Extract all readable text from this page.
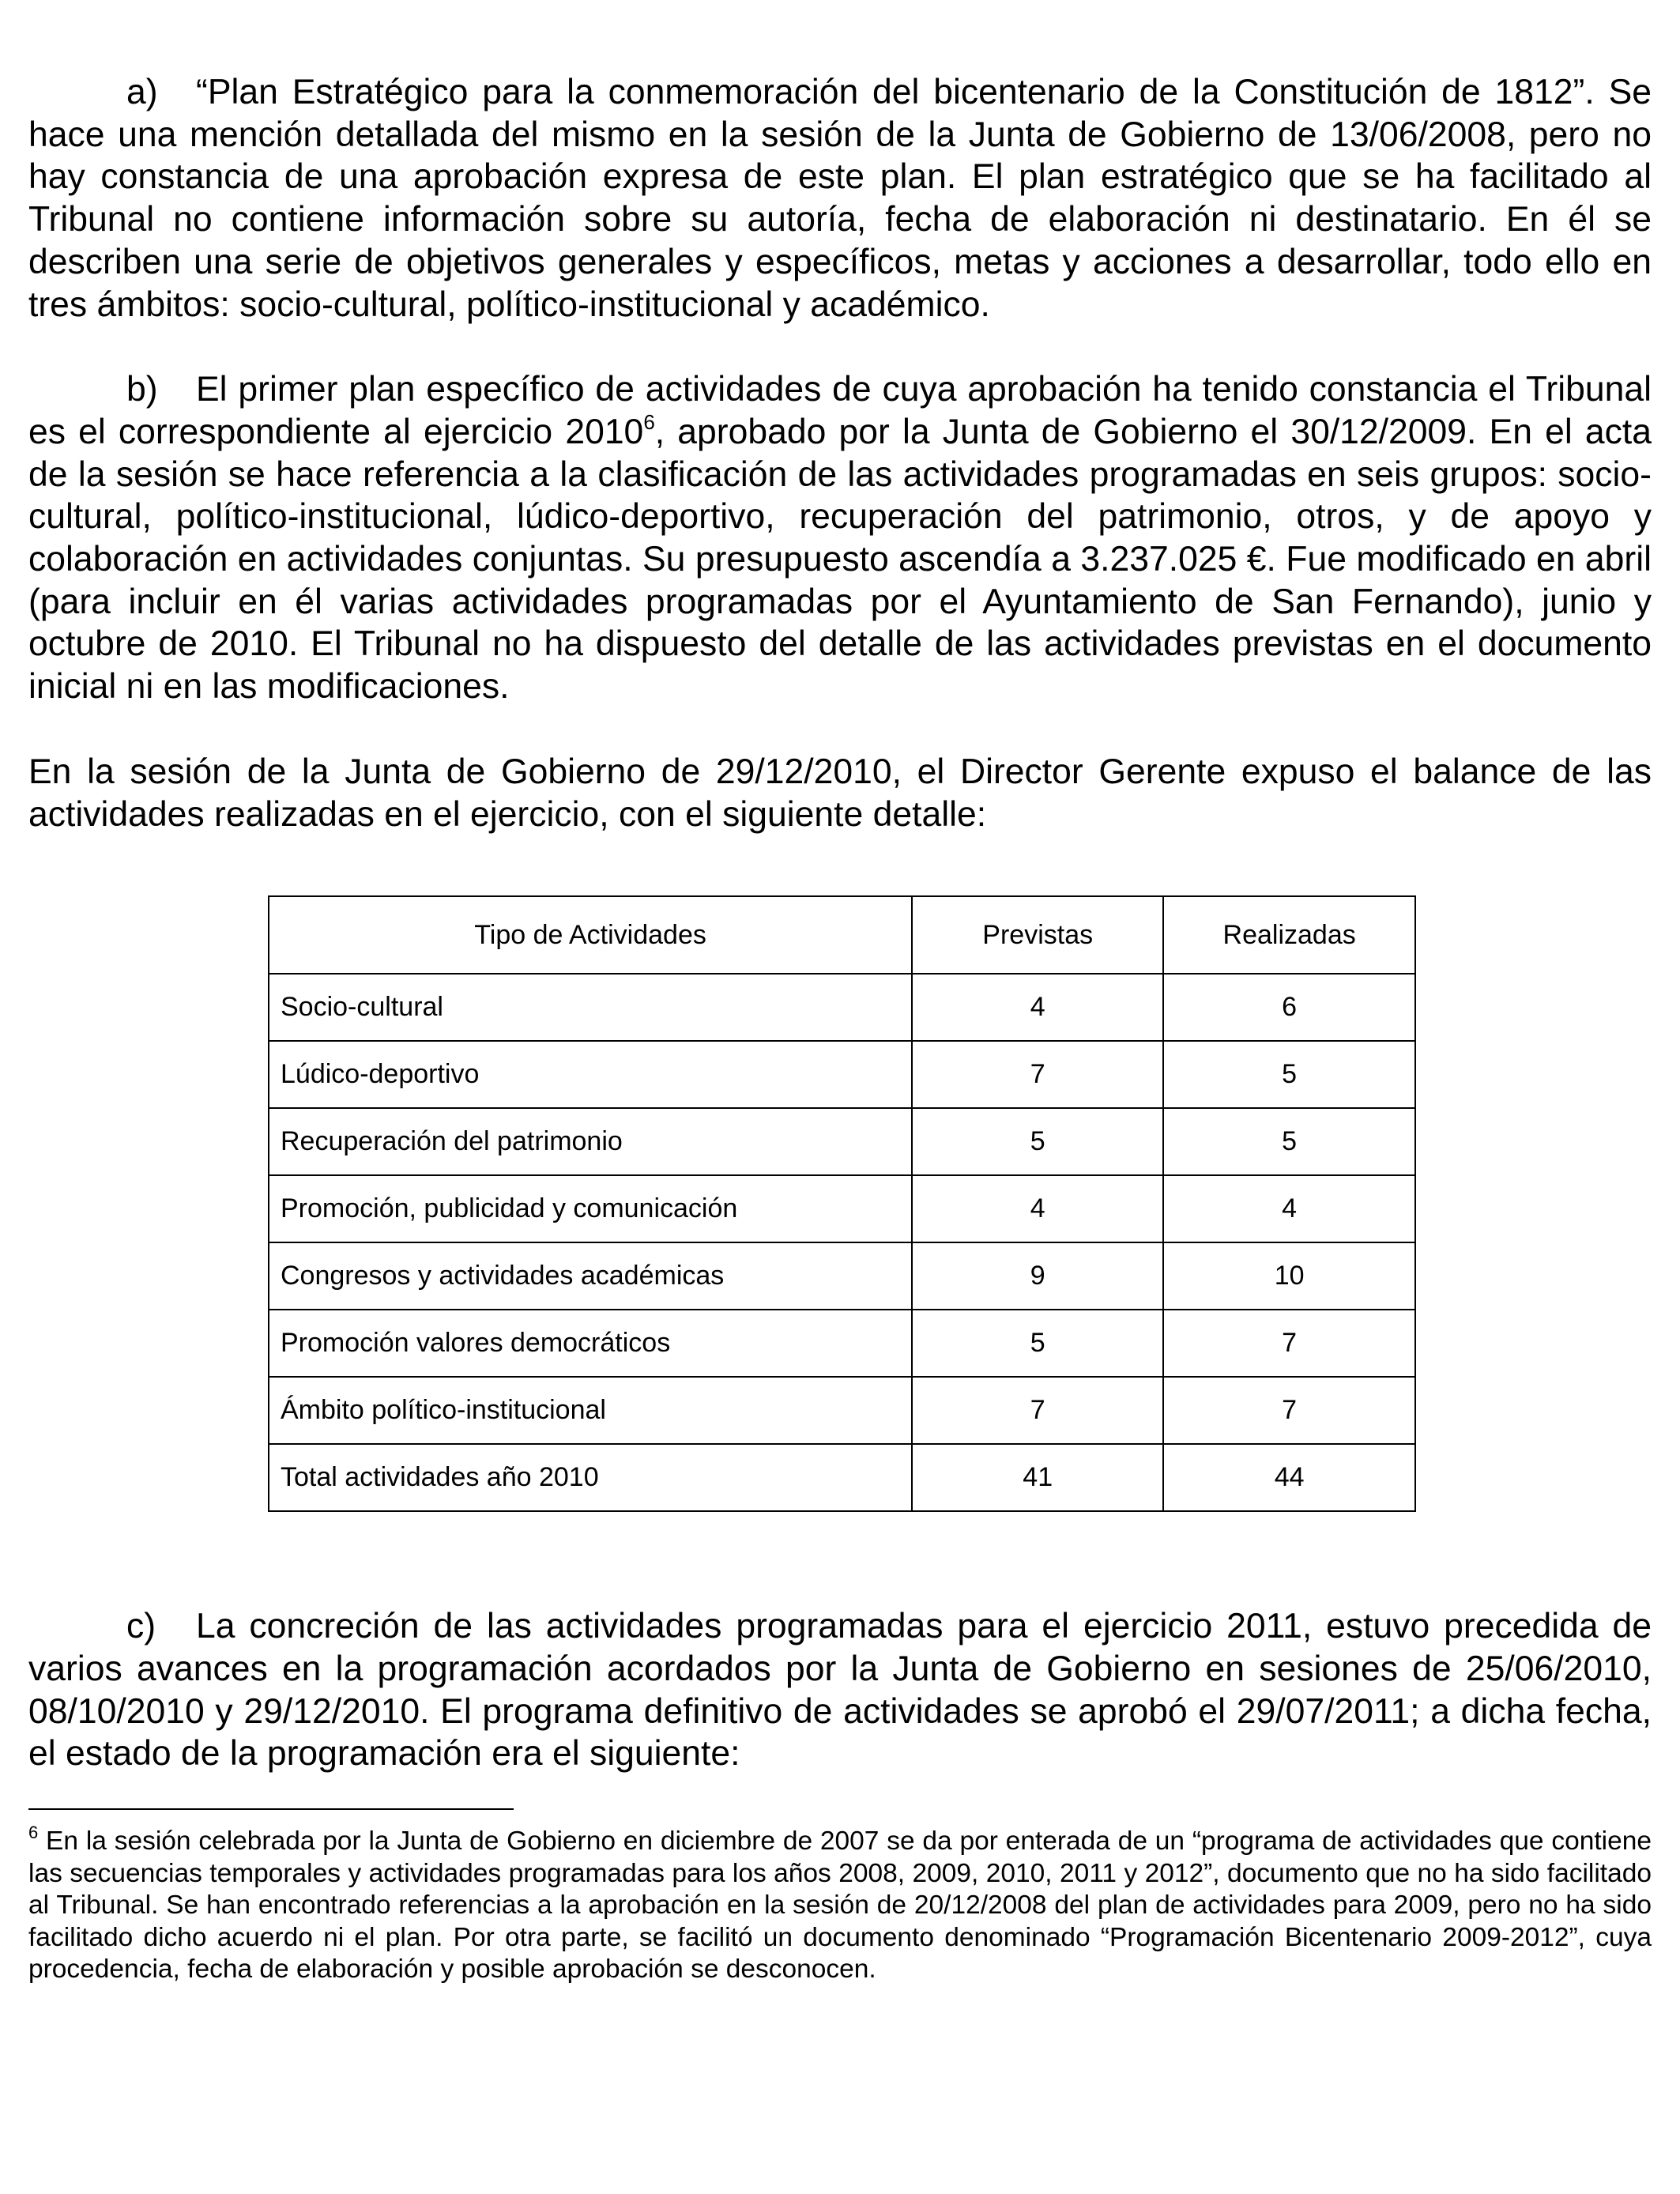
a) “Plan Estratégico para la conmemoración del bicentenario de la Constitución de 1812”. Se hace una mención detallada del mismo en la sesión de la Junta de Gobierno de 13/06/2008, pero no hay constancia de una aprobación expresa de este plan. El plan estratégico que se ha facilitado al Tribunal no contiene información sobre su autoría, fecha de elaboración ni destinatario. En él se describen una serie de objetivos generales y específicos, metas y acciones a desarrollar, todo ello en tres ámbitos: socio-cultural, político-institucional y académico.

b) El primer plan específico de actividades de cuya aprobación ha tenido constancia el Tribunal es el correspondiente al ejercicio 2010$^6$, aprobado por la Junta de Gobierno el 30/12/2009. En el acta de la sesión se hace referencia a la clasificación de las actividades programadas en seis grupos: socio-cultural, político-institucional, lúdico-deportivo, recuperación del patrimonio, otros, y de apoyo y colaboración en actividades conjuntas. Su presupuesto ascendía a 3.237.025 €. Fue modificado en abril (para incluir en él varias actividades programadas por el Ayuntamiento de San Fernando), junio y octubre de 2010. El Tribunal no ha dispuesto del detalle de las actividades previstas en el documento inicial ni en las modificaciones.

En la sesión de la Junta de Gobierno de 29/12/2010, el Director Gerente expuso el balance de las actividades realizadas en el ejercicio, con el siguiente detalle:

Tipo de Actividades	Previstas	Realizadas
Socio-cultural	4	6
Lúdico-deportivo	7	5
Recuperación del patrimonio	5	5
Promoción, publicidad y comunicación	4	4
Congresos y actividades académicas	9	10
Promoción valores democráticos	5	7
Ámbito político-institucional	7	7
Total actividades año 2010	41	44

c) La concreción de las actividades programadas para el ejercicio 2011, estuvo precedida de varios avances en la programación acordados por la Junta de Gobierno en sesiones de 25/06/2010, 08/10/2010 y 29/12/2010. El programa definitivo de actividades se aprobó el 29/07/2011; a dicha fecha, el estado de la programación era el siguiente:

$^6$ En la sesión celebrada por la Junta de Gobierno en diciembre de 2007 se da por enterada de un “programa de actividades que contiene las secuencias temporales y actividades programadas para los años 2008, 2009, 2010, 2011 y 2012”, documento que no ha sido facilitado al Tribunal. Se han encontrado referencias a la aprobación en la sesión de 20/12/2008 del plan de actividades para 2009, pero no ha sido facilitado dicho acuerdo ni el plan. Por otra parte, se facilitó un documento denominado “Programación Bicentenario 2009-2012”, cuya procedencia, fecha de elaboración y posible aprobación se desconocen.
